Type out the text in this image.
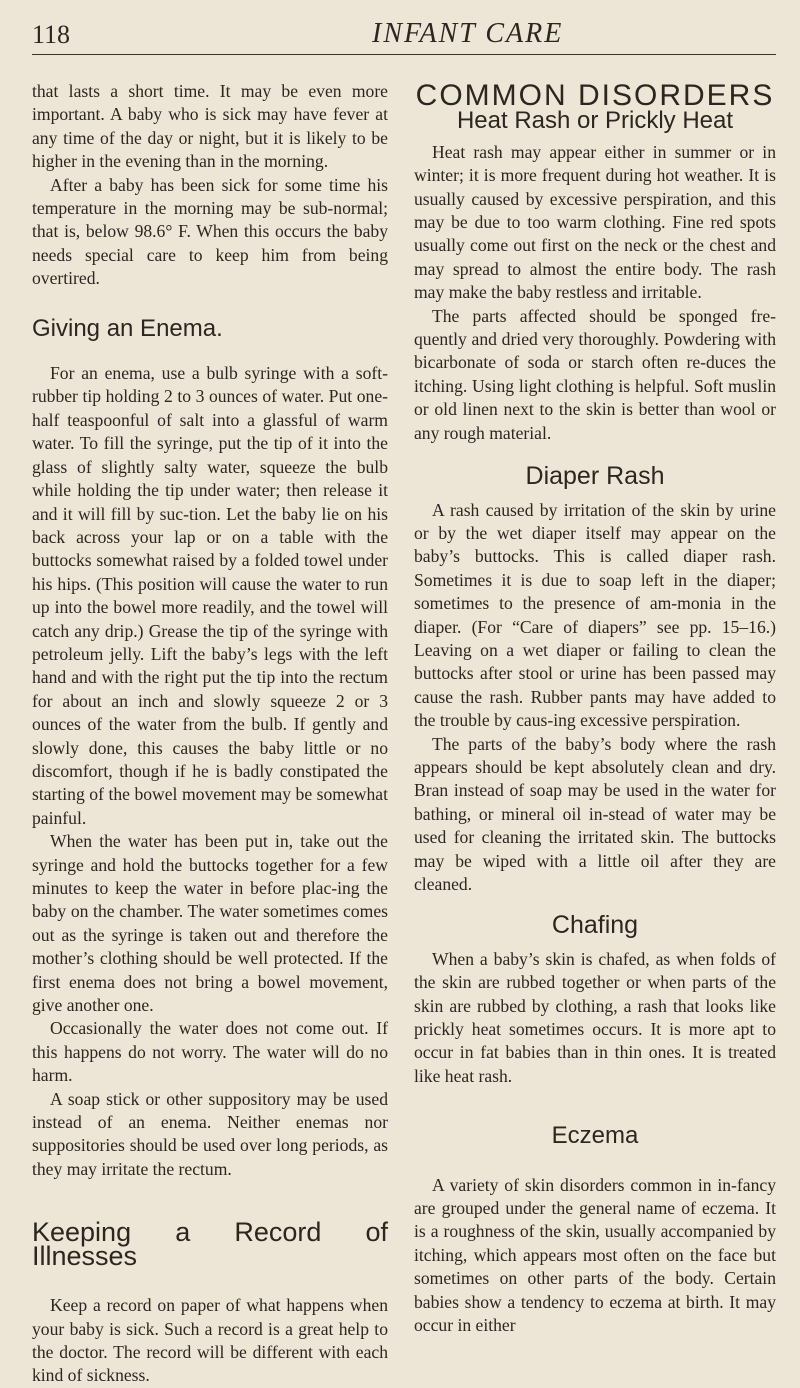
118	INFANT CARE

that lasts a short time. It may be even more important. A baby who is sick may have fever at any time of the day or night, but it is likely to be higher in the evening than in the morning.

After a baby has been sick for some time his temperature in the morning may be sub-normal; that is, below 98.6° F. When this occurs the baby needs special care to keep him from being overtired.

Giving an Enema.

For an enema, use a bulb syringe with a soft-rubber tip holding 2 to 3 ounces of water. Put one-half teaspoonful of salt into a glassful of warm water. To fill the syringe, put the tip of it into the glass of slightly salty water, squeeze the bulb while holding the tip under water; then release it and it will fill by suc-tion. Let the baby lie on his back across your lap or on a table with the buttocks somewhat raised by a folded towel under his hips. (This position will cause the water to run up into the bowel more readily, and the towel will catch any drip.) Grease the tip of the syringe with petroleum jelly. Lift the baby’s legs with the left hand and with the right put the tip into the rectum for about an inch and slowly squeeze 2 or 3 ounces of the water from the bulb. If gently and slowly done, this causes the baby little or no discomfort, though if he is badly constipated the starting of the bowel movement may be somewhat painful.

When the water has been put in, take out the syringe and hold the buttocks together for a few minutes to keep the water in before plac-ing the baby on the chamber. The water sometimes comes out as the syringe is taken out and therefore the mother’s clothing should be well protected. If the first enema does not bring a bowel movement, give another one.

Occasionally the water does not come out. If this happens do not worry. The water will do no harm.

A soap stick or other suppository may be used instead of an enema. Neither enemas nor suppositories should be used over long periods, as they may irritate the rectum.

Keeping a Record of Illnesses

Keep a record on paper of what happens when your baby is sick. Such a record is a great help to the doctor. The record will be different with each kind of sickness.

COMMON DISORDERS
Heat Rash or Prickly Heat

Heat rash may appear either in summer or in winter; it is more frequent during hot weather. It is usually caused by excessive perspiration, and this may be due to too warm clothing. Fine red spots usually come out first on the neck or the chest and may spread to almost the entire body. The rash may make the baby restless and irritable.

The parts affected should be sponged fre-quently and dried very thoroughly. Powdering with bicarbonate of soda or starch often re-duces the itching. Using light clothing is helpful. Soft muslin or old linen next to the skin is better than wool or any rough material.

Diaper Rash

A rash caused by irritation of the skin by urine or by the wet diaper itself may appear on the baby’s buttocks. This is called diaper rash. Sometimes it is due to soap left in the diaper; sometimes to the presence of am-monia in the diaper. (For “Care of diapers” see pp. 15–16.) Leaving on a wet diaper or failing to clean the buttocks after stool or urine has been passed may cause the rash. Rubber pants may have added to the trouble by caus-ing excessive perspiration.

The parts of the baby’s body where the rash appears should be kept absolutely clean and dry. Bran instead of soap may be used in the water for bathing, or mineral oil in-stead of water may be used for cleaning the irritated skin. The buttocks may be wiped with a little oil after they are cleaned.

Chafing

When a baby’s skin is chafed, as when folds of the skin are rubbed together or when parts of the skin are rubbed by clothing, a rash that looks like prickly heat sometimes occurs. It is more apt to occur in fat babies than in thin ones. It is treated like heat rash.

Eczema

A variety of skin disorders common in in-fancy are grouped under the general name of eczema. It is a roughness of the skin, usually accompanied by itching, which appears most often on the face but sometimes on other parts of the body. Certain babies show a tendency to eczema at birth. It may occur in either
